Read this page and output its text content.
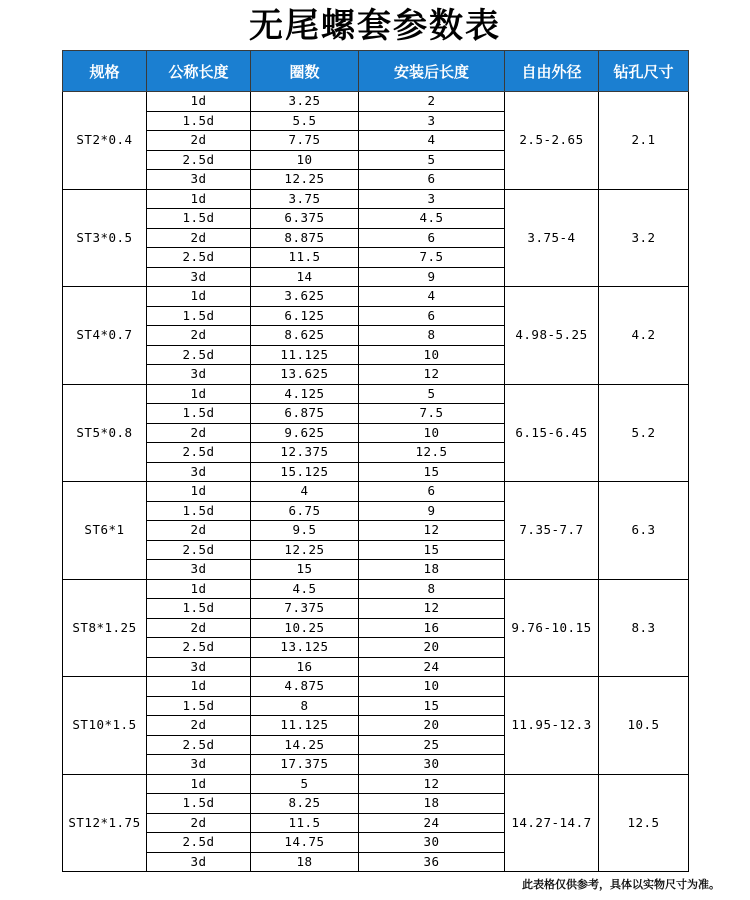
无尾螺套参数表
规格	公称长度	圈数	安装后长度	自由外径	钻孔尺寸
ST2*0.4	1d	3.25	2	2.5-2.65	2.1
	1.5d	5.5	3		
	2d	7.75	4		
	2.5d	10	5		
	3d	12.25	6		
ST3*0.5	1d	3.75	3	3.75-4	3.2
	1.5d	6.375	4.5		
	2d	8.875	6		
	2.5d	11.5	7.5		
	3d	14	9		
ST4*0.7	1d	3.625	4	4.98-5.25	4.2
	1.5d	6.125	6		
	2d	8.625	8		
	2.5d	11.125	10		
	3d	13.625	12		
ST5*0.8	1d	4.125	5	6.15-6.45	5.2
	1.5d	6.875	7.5		
	2d	9.625	10		
	2.5d	12.375	12.5		
	3d	15.125	15		
ST6*1	1d	4	6	7.35-7.7	6.3
	1.5d	6.75	9		
	2d	9.5	12		
	2.5d	12.25	15		
	3d	15	18		
ST8*1.25	1d	4.5	8	9.76-10.15	8.3
	1.5d	7.375	12		
	2d	10.25	16		
	2.5d	13.125	20		
	3d	16	24		
ST10*1.5	1d	4.875	10	11.95-12.3	10.5
	1.5d	8	15		
	2d	11.125	20		
	2.5d	14.25	25		
	3d	17.375	30		
ST12*1.75	1d	5	12	14.27-14.7	12.5
	1.5d	8.25	18		
	2d	11.5	24		
	2.5d	14.75	30		
	3d	18	36		
此表格仅供参考，具体以实物尺寸为准。
